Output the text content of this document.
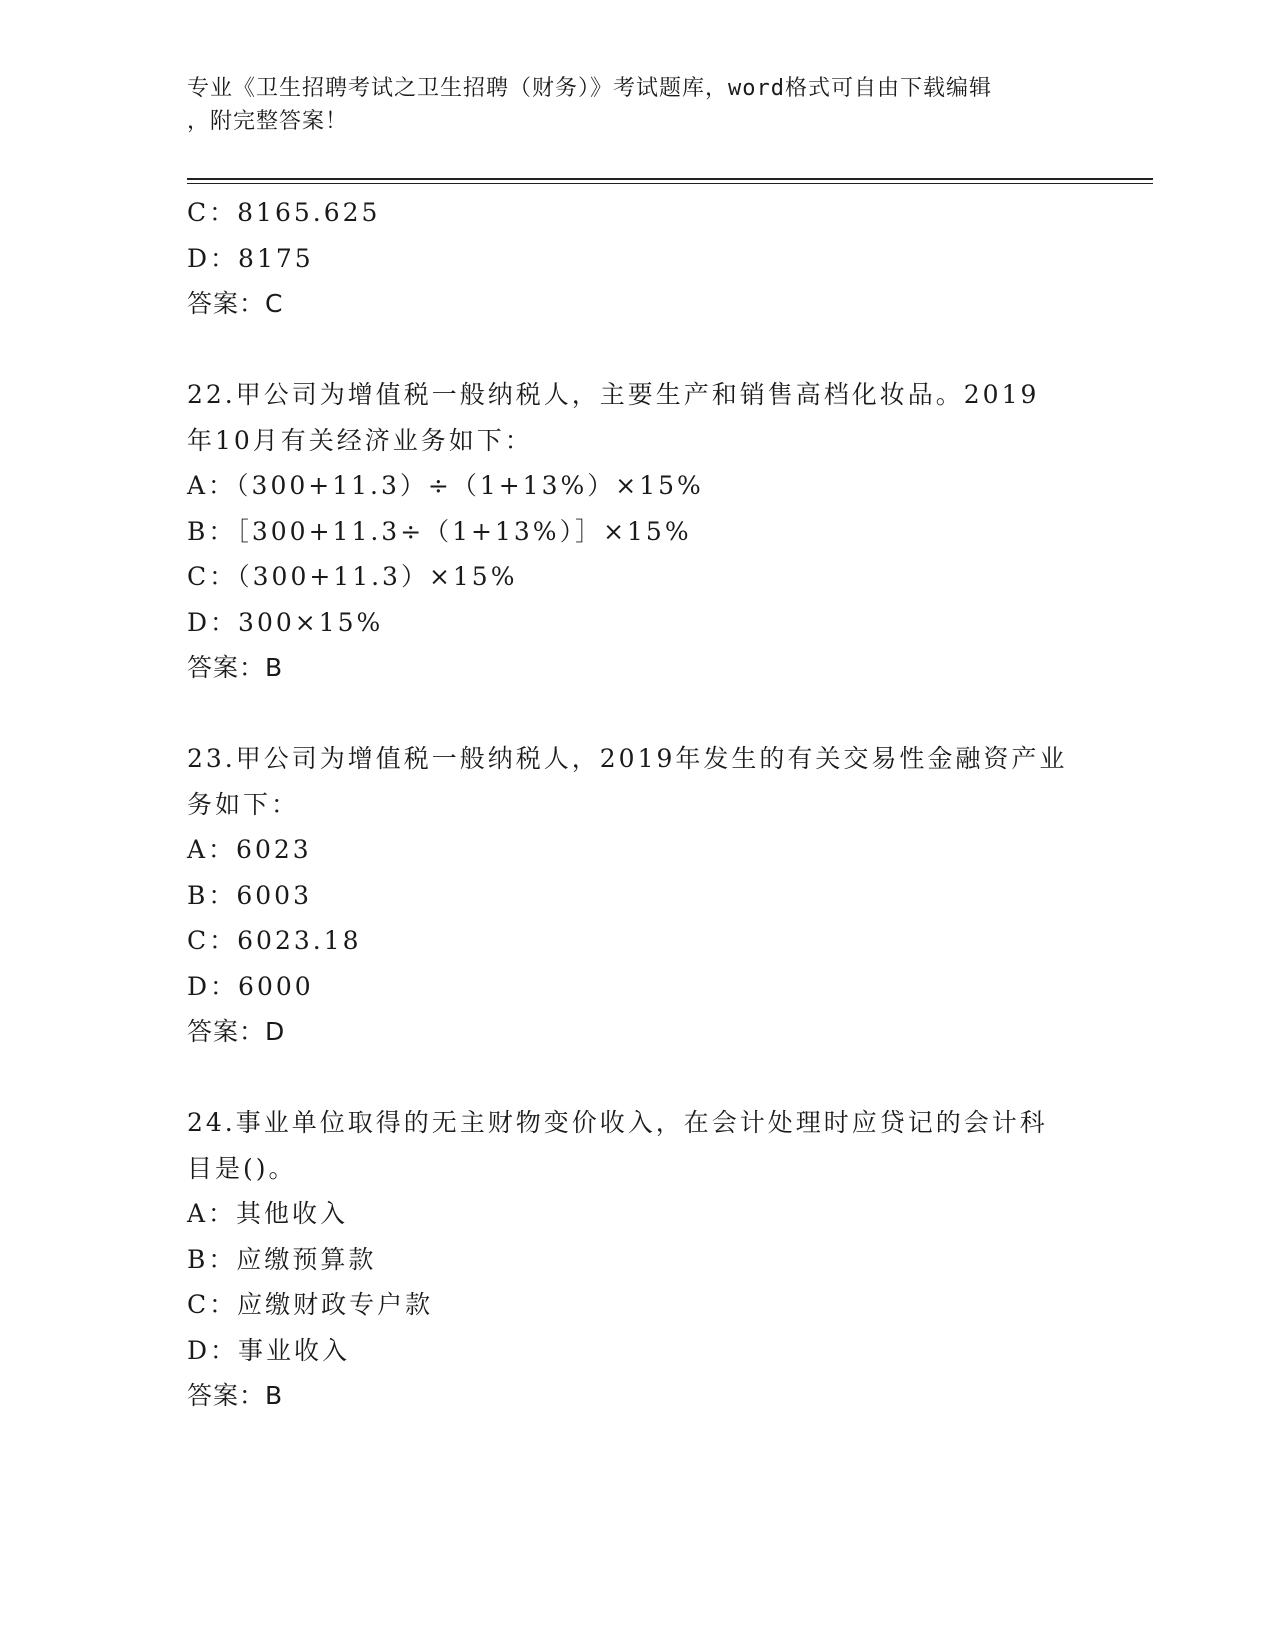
专业《卫生招聘考试之卫生招聘（财务）》考试题库，word格式可自由下载编辑
，附完整答案！
C：8165.625
D：8175
答案：C
22.甲公司为增值税一般纳税人，主要生产和销售高档化妆品。2019
年10月有关经济业务如下：
A：（300+11.3）÷（1+13%）×15%
B：［300+11.3÷（1+13%）］×15%
C：（300+11.3）×15%
D：300×15%
答案：B
23.甲公司为增值税一般纳税人，2019年发生的有关交易性金融资产业
务如下：
A：6023
B：6003
C：6023.18
D：6000
答案：D
24.事业单位取得的无主财物变价收入，在会计处理时应贷记的会计科
目是()。
A：其他收入
B：应缴预算款
C：应缴财政专户款
D：事业收入
答案：B
